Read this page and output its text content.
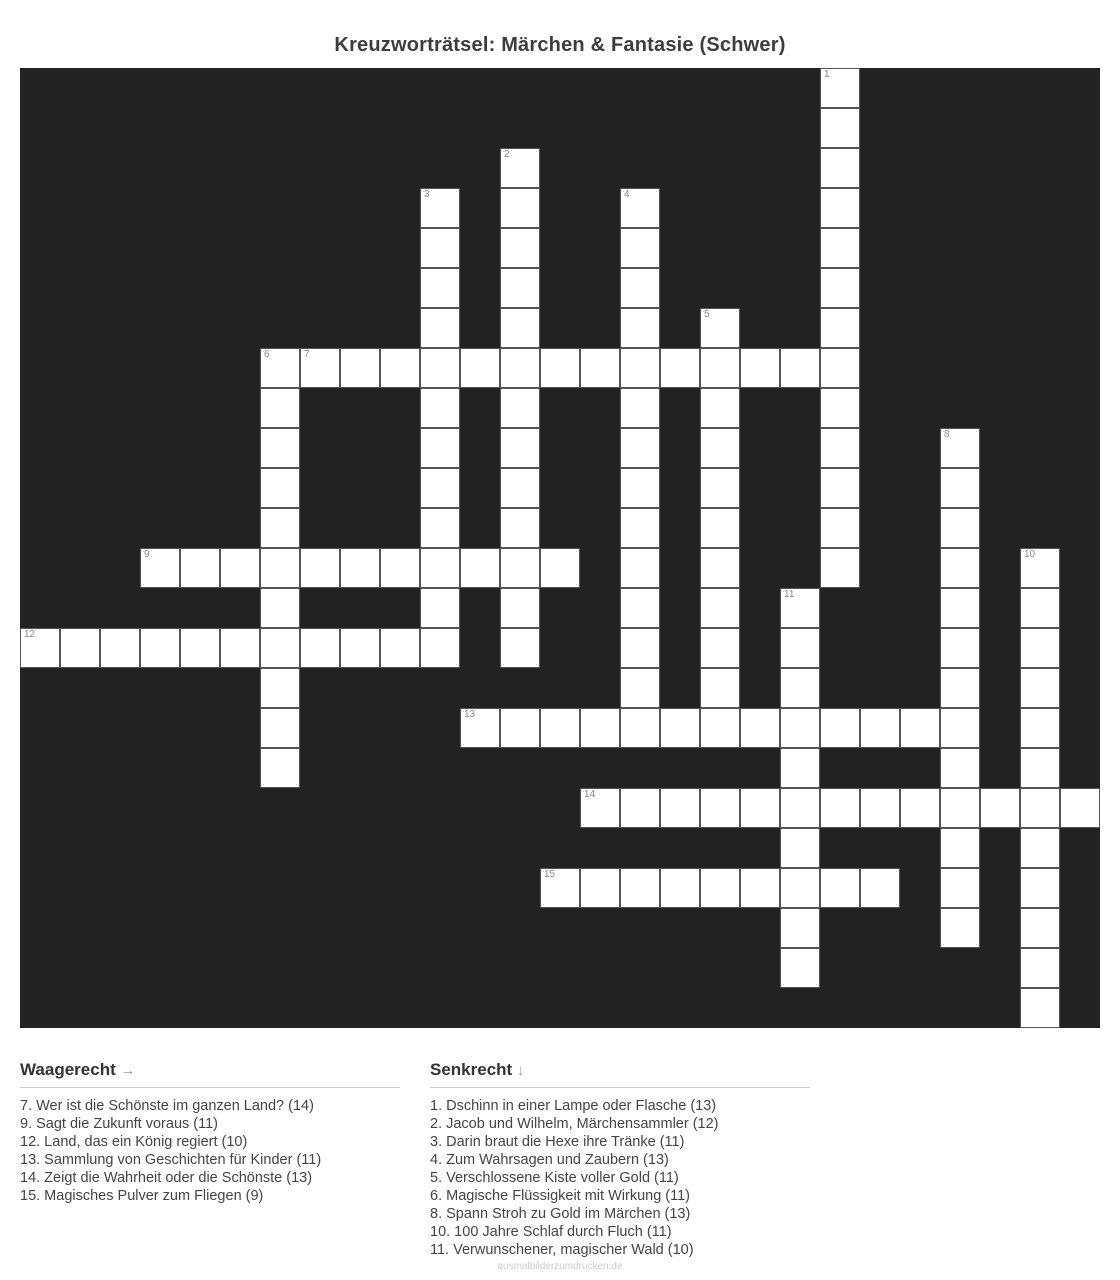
Kreuzworträtsel: Märchen & Fantasie (Schwer)
12
9
6	7
3
13
2
15
14
4
5
11
1
8
10
Waagerecht →
7. Wer ist die Schönste im ganzen Land? (14)
9. Sagt die Zukunft voraus (11)
12. Land, das ein König regiert (10)
13. Sammlung von Geschichten für Kinder (11)
14. Zeigt die Wahrheit oder die Schönste (13)
15. Magisches Pulver zum Fliegen (9)
Senkrecht ↓
1. Dschinn in einer Lampe oder Flasche (13)
2. Jacob und Wilhelm, Märchensammler (12)
3. Darin braut die Hexe ihre Tränke (11)
4. Zum Wahrsagen und Zaubern (13)
5. Verschlossene Kiste voller Gold (11)
6. Magische Flüssigkeit mit Wirkung (11)
8. Spann Stroh zu Gold im Märchen (13)
10. 100 Jahre Schlaf durch Fluch (11)
11. Verwunschener, magischer Wald (10)
ausmalbilderzumdrucken.de
